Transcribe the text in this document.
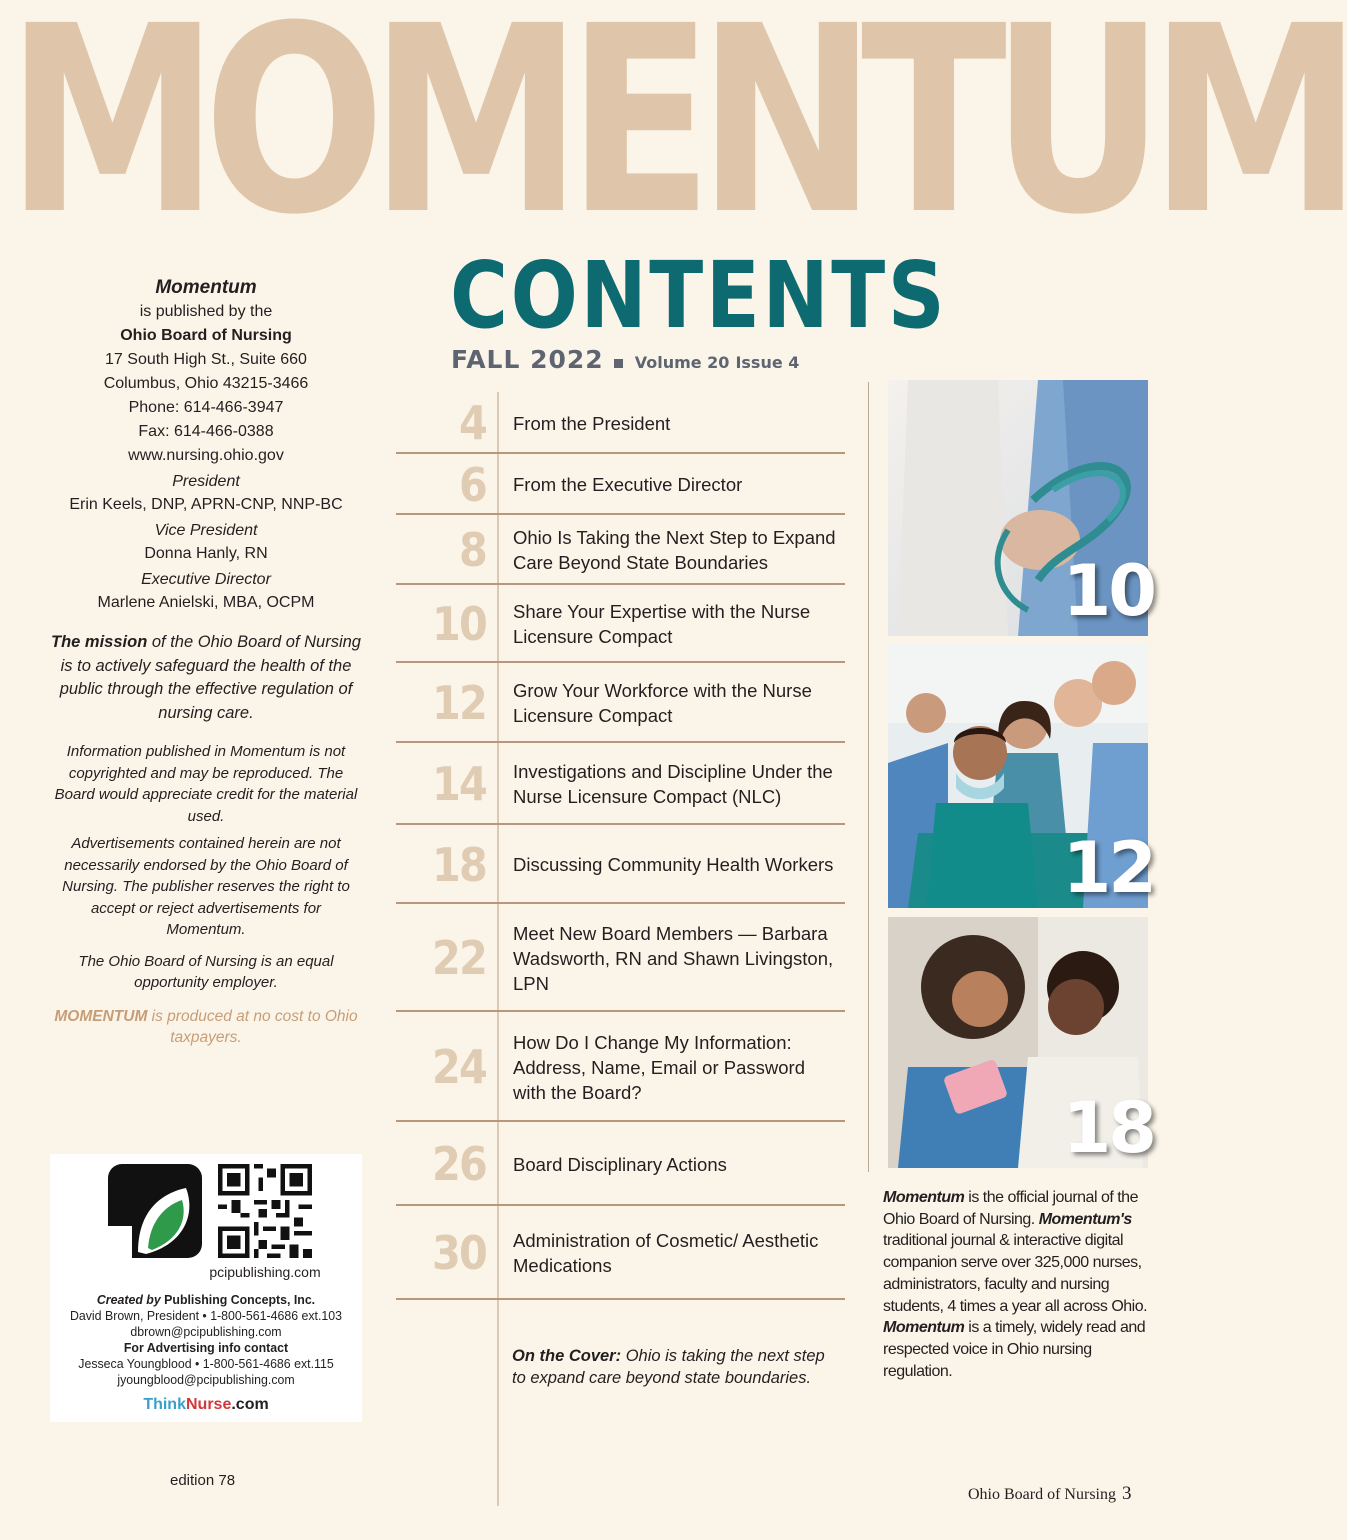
MOMENTUM
CONTENTS
FALL 2022 Volume 20 Issue 4
Momentum
is published by the
Ohio Board of Nursing
17 South High St., Suite 660
Columbus, Ohio 43215-3466
Phone: 614-466-3947
Fax: 614-466-0388
www.nursing.ohio.gov
President
Erin Keels, DNP, APRN-CNP, NNP-BC
Vice President
Donna Hanly, RN
Executive Director
Marlene Anielski, MBA, OCPM
The mission of the Ohio Board of Nursing is to actively safeguard the health of the public through the effective regulation of nursing care.
Information published in Momentum is not copyrighted and may be reproduced. The Board would appreciate credit for the material used.
Advertisements contained herein are not necessarily endorsed by the Ohio Board of Nursing. The publisher reserves the right to accept or reject advertisements for Momentum.
The Ohio Board of Nursing is an equal opportunity employer.
MOMENTUM is produced at no cost to Ohio taxpayers.
pcipublishing.com
Created by Publishing Concepts, Inc.
David Brown, President • 1-800-561-4686 ext.103
dbrown@pcipublishing.com
For Advertising info contact
Jesseca Youngblood • 1-800-561-4686 ext.115
jyoungblood@pcipublishing.com
ThinkNurse.com
edition 78
4 From the President
6 From the Executive Director
8 Ohio Is Taking the Next Step to Expand Care Beyond State Boundaries
10 Share Your Expertise with the Nurse Licensure Compact
12 Grow Your Workforce with the Nurse Licensure Compact
14 Investigations and Discipline Under the Nurse Licensure Compact (NLC)
18 Discussing Community Health Workers
22 Meet New Board Members — Barbara Wadsworth, RN and Shawn Livingston, LPN
24 How Do I Change My Information: Address, Name, Email or Password with the Board?
26 Board Disciplinary Actions
30 Administration of Cosmetic/ Aesthetic Medications
On the Cover: Ohio is taking the next step to expand care beyond state boundaries.
10
12
18
Momentum is the official journal of the Ohio Board of Nursing. Momentum's traditional journal & interactive digital companion serve over 325,000 nurses, administrators, faculty and nursing students, 4 times a year all across Ohio. Momentum is a timely, widely read and respected voice in Ohio nursing regulation.
Ohio Board of Nursing 3
